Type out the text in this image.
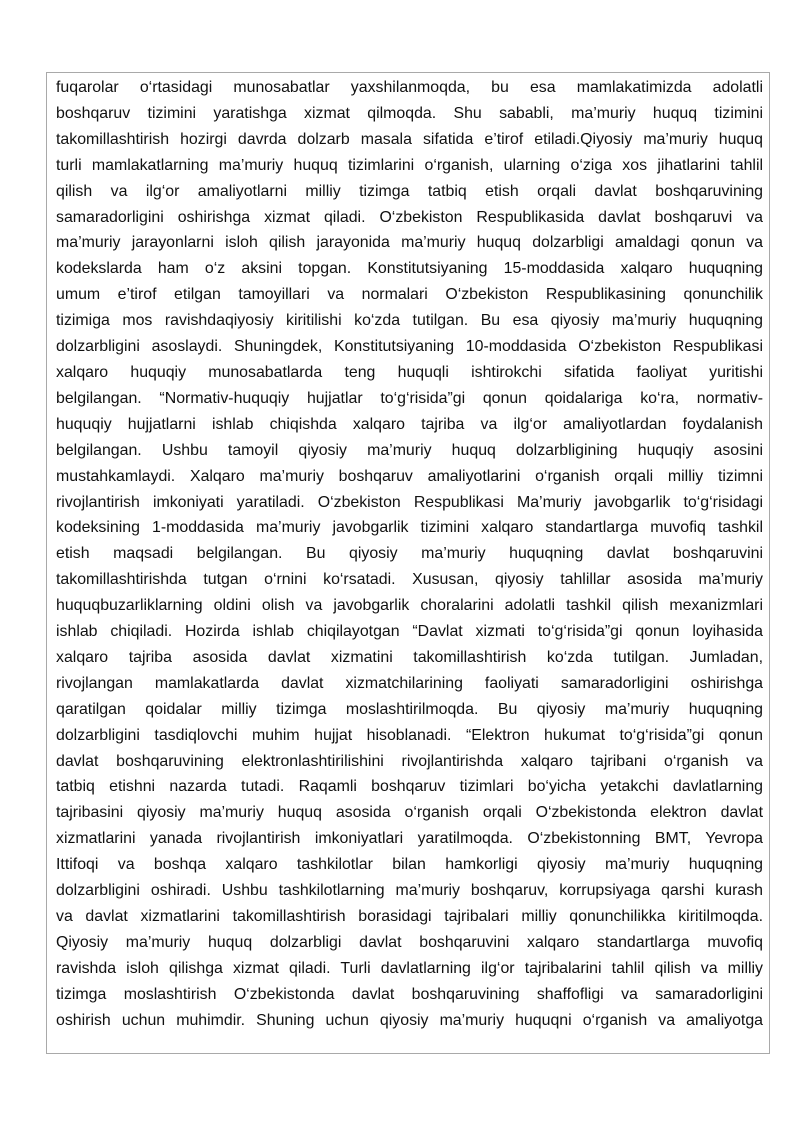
fuqarolar o‘rtasidagi munosabatlar yaxshilanmoqda, bu esa mamlakatimizda adolatli
boshqaruv tizimini yaratishga xizmat qilmoqda. Shu sababli, ma’muriy huquq tizimini
takomillashtirish hozirgi davrda dolzarb masala sifatida e’tirof etiladi.Qiyosiy ma’muriy huquq
turli mamlakatlarning ma’muriy huquq tizimlarini o‘rganish, ularning o‘ziga xos jihatlarini tahlil
qilish va ilg‘or amaliyotlarni milliy tizimga tatbiq etish orqali davlat boshqaruvining
samaradorligini oshirishga xizmat qiladi. O‘zbekiston Respublikasida davlat boshqaruvi va
ma’muriy jarayonlarni isloh qilish jarayonida ma’muriy huquq dolzarbligi amaldagi qonun va
kodekslarda ham o‘z aksini topgan. Konstitutsiyaning 15-moddasida xalqaro huquqning
umum e’tirof etilgan tamoyillari va normalari O‘zbekiston Respublikasining qonunchilik
tizimiga mos ravishdaqiyosiy kiritilishi ko‘zda tutilgan. Bu esa qiyosiy ma’muriy huquqning
dolzarbligini asoslaydi. Shuningdek, Konstitutsiyaning 10-moddasida O‘zbekiston Respublikasi
xalqaro huquqiy munosabatlarda teng huquqli ishtirokchi sifatida faoliyat yuritishi
belgilangan. “Normativ-huquqiy hujjatlar to‘g‘risida”gi qonun qoidalariga ko‘ra, normativ-
huquqiy hujjatlarni ishlab chiqishda xalqaro tajriba va ilg‘or amaliyotlardan foydalanish
belgilangan. Ushbu tamoyil qiyosiy ma’muriy huquq dolzarbligining huquqiy asosini
mustahkamlaydi. Xalqaro ma’muriy boshqaruv amaliyotlarini o‘rganish orqali milliy tizimni
rivojlantirish imkoniyati yaratiladi. O‘zbekiston Respublikasi Ma’muriy javobgarlik to‘g‘risidagi
kodeksining 1-moddasida ma’muriy javobgarlik tizimini xalqaro standartlarga muvofiq tashkil
etish maqsadi belgilangan. Bu qiyosiy ma’muriy huquqning davlat boshqaruvini
takomillashtirishda tutgan o‘rnini ko‘rsatadi. Xususan, qiyosiy tahlillar asosida ma’muriy
huquqbuzarliklarning oldini olish va javobgarlik choralarini adolatli tashkil qilish mexanizmlari
ishlab chiqiladi. Hozirda ishlab chiqilayotgan “Davlat xizmati to‘g‘risida”gi qonun loyihasida
xalqaro tajriba asosida davlat xizmatini takomillashtirish ko‘zda tutilgan. Jumladan,
rivojlangan mamlakatlarda davlat xizmatchilarining faoliyati samaradorligini oshirishga
qaratilgan qoidalar milliy tizimga moslashtirilmoqda. Bu qiyosiy ma’muriy huquqning
dolzarbligini tasdiqlovchi muhim hujjat hisoblanadi. “Elektron hukumat to‘g‘risida”gi qonun
davlat boshqaruvining elektronlashtirilishini rivojlantirishda xalqaro tajribani o‘rganish va
tatbiq etishni nazarda tutadi. Raqamli boshqaruv tizimlari bo‘yicha yetakchi davlatlarning
tajribasini qiyosiy ma’muriy huquq asosida o‘rganish orqali O‘zbekistonda elektron davlat
xizmatlarini yanada rivojlantirish imkoniyatlari yaratilmoqda. O‘zbekistonning BMT, Yevropa
Ittifoqi va boshqa xalqaro tashkilotlar bilan hamkorligi qiyosiy ma’muriy huquqning
dolzarbligini oshiradi. Ushbu tashkilotlarning ma’muriy boshqaruv, korrupsiyaga qarshi kurash
va davlat xizmatlarini takomillashtirish borasidagi tajribalari milliy qonunchilikka kiritilmoqda.
Qiyosiy ma’muriy huquq dolzarbligi davlat boshqaruvini xalqaro standartlarga muvofiq
ravishda isloh qilishga xizmat qiladi. Turli davlatlarning ilg‘or tajribalarini tahlil qilish va milliy
tizimga moslashtirish O‘zbekistonda davlat boshqaruvining shaffofligi va samaradorligini
oshirish uchun muhimdir. Shuning uchun qiyosiy ma’muriy huquqni o‘rganish va amaliyotga
